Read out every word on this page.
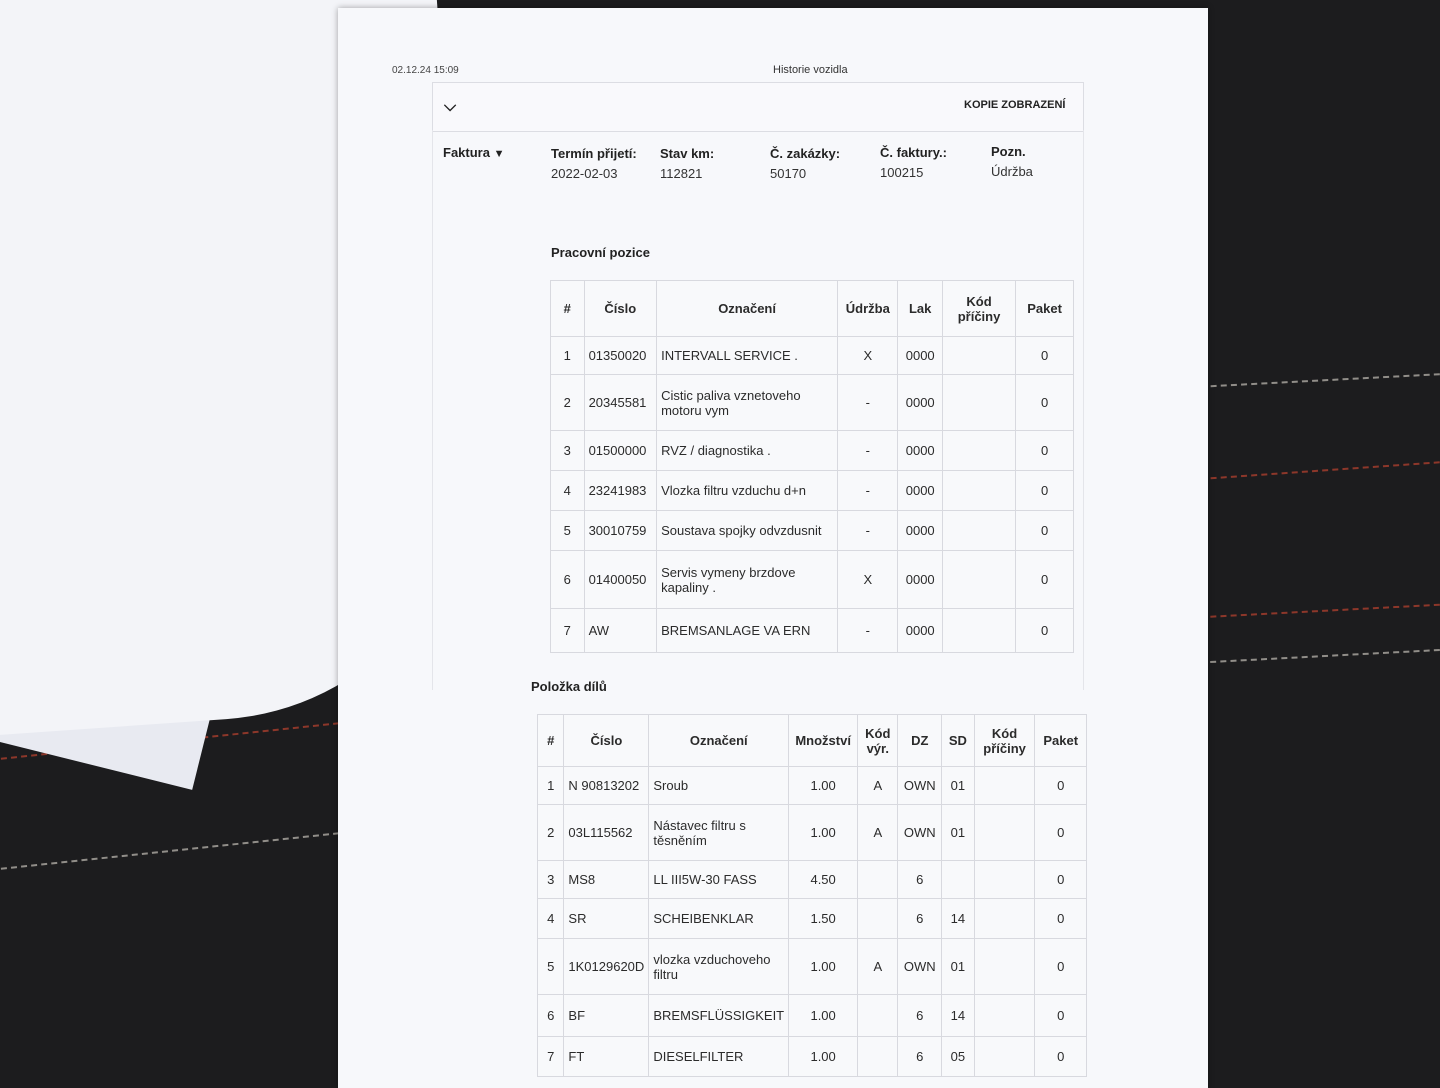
02.12.24 15:09	Historie vozidla
⌵	KOPIE ZOBRAZENÍ
Faktura ▼	Termín přijetí:
2022-02-03
Stav km:
112821
Č. zakázky:
50170
Č. faktury.:
100215
Pozn.
Údržba
Pracovní pozice
#	Číslo	Označení	Údržba	Lak	Kód příčiny	Paket
1	01350020	INTERVALL SERVICE .	X	0000		0
2	20345581	Cistic paliva vznetoveho motoru vym	-	0000		0
3	01500000	RVZ / diagnostika .	-	0000		0
4	23241983	Vlozka filtru vzduchu d+n	-	0000		0
5	30010759	Soustava spojky odvzdusnit	-	0000		0
6	01400050	Servis vymeny brzdove kapaliny .	X	0000		0
7	AW	BREMSANLAGE VA ERN	-	0000		0
Položka dílů
#	Číslo	Označení	Množství	Kód výr.	DZ	SD	Kód příčiny	Paket
1	N 90813202	Sroub	1.00	A	OWN	01		0
2	03L115562	Nástavec filtru s těsněním	1.00	A	OWN	01		0
3	MS8	LL III5W-30 FASS	4.50		6			0
4	SR	SCHEIBENKLAR	1.50		6	14		0
5	1K0129620D	vlozka vzduchoveho filtru	1.00	A	OWN	01		0
6	BF	BREMSFLÜSSIGKEIT	1.00		6	14		0
7	FT	DIESELFILTER	1.00		6	05		0
